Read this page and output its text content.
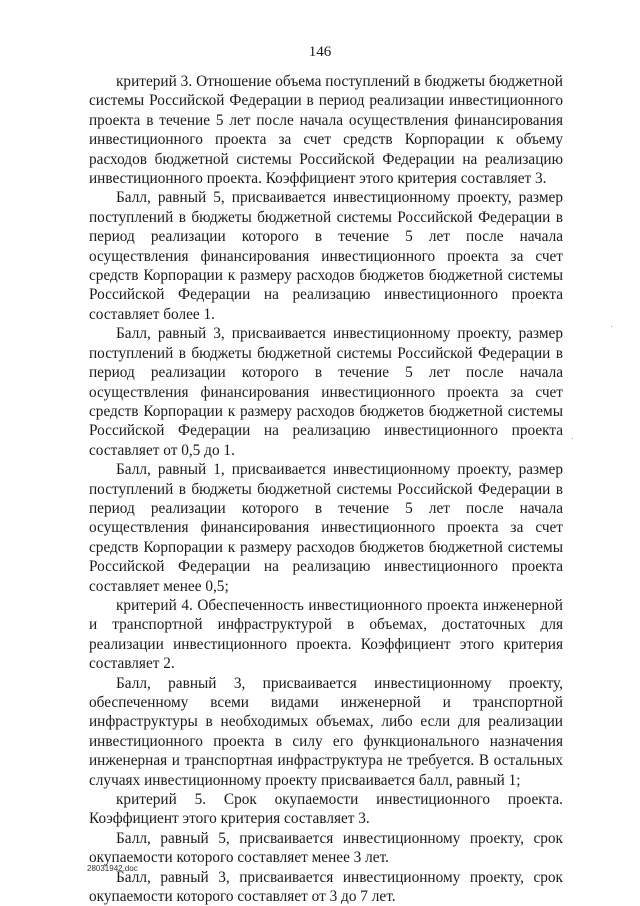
146

критерий 3. Отношение объема поступлений в бюджеты бюджетной системы Российской Федерации в период реализации инвестиционного проекта в течение 5 лет после начала осуществления финансирования инвестиционного проекта за счет средств Корпорации к объему расходов бюджетной системы Российской Федерации на реализацию инвестиционного проекта. Коэффициент этого критерия составляет 3.

Балл, равный 5, присваивается инвестиционному проекту, размер поступлений в бюджеты бюджетной системы Российской Федерации в период реализации которого в течение 5 лет после начала осуществления финансирования инвестиционного проекта за счет средств Корпорации к размеру расходов бюджетов бюджетной системы Российской Федерации на реализацию инвестиционного проекта составляет более 1.

Балл, равный 3, присваивается инвестиционному проекту, размер поступлений в бюджеты бюджетной системы Российской Федерации в период реализации которого в течение 5 лет после начала осуществления финансирования инвестиционного проекта за счет средств Корпорации к размеру расходов бюджетов бюджетной системы Российской Федерации на реализацию инвестиционного проекта составляет от 0,5 до 1.

Балл, равный 1, присваивается инвестиционному проекту, размер поступлений в бюджеты бюджетной системы Российской Федерации в период реализации которого в течение 5 лет после начала осуществления финансирования инвестиционного проекта за счет средств Корпорации к размеру расходов бюджетов бюджетной системы Российской Федерации на реализацию инвестиционного проекта составляет менее 0,5;

критерий 4. Обеспеченность инвестиционного проекта инженерной и транспортной инфраструктурой в объемах, достаточных для реализации инвестиционного проекта. Коэффициент этого критерия составляет 2.

Балл, равный 3, присваивается инвестиционному проекту, обеспеченному всеми видами инженерной и транспортной инфраструктуры в необходимых объемах, либо если для реализации инвестиционного проекта в силу его функционального назначения инженерная и транспортная инфраструктура не требуется. В остальных случаях инвестиционному проекту присваивается балл, равный 1;

критерий 5. Срок окупаемости инвестиционного проекта. Коэффициент этого критерия составляет 3.

Балл, равный 5, присваивается инвестиционному проекту, срок окупаемости которого составляет менее 3 лет.

Балл, равный 3, присваивается инвестиционному проекту, срок окупаемости которого составляет от 3 до 7 лет.

28031942.doc
